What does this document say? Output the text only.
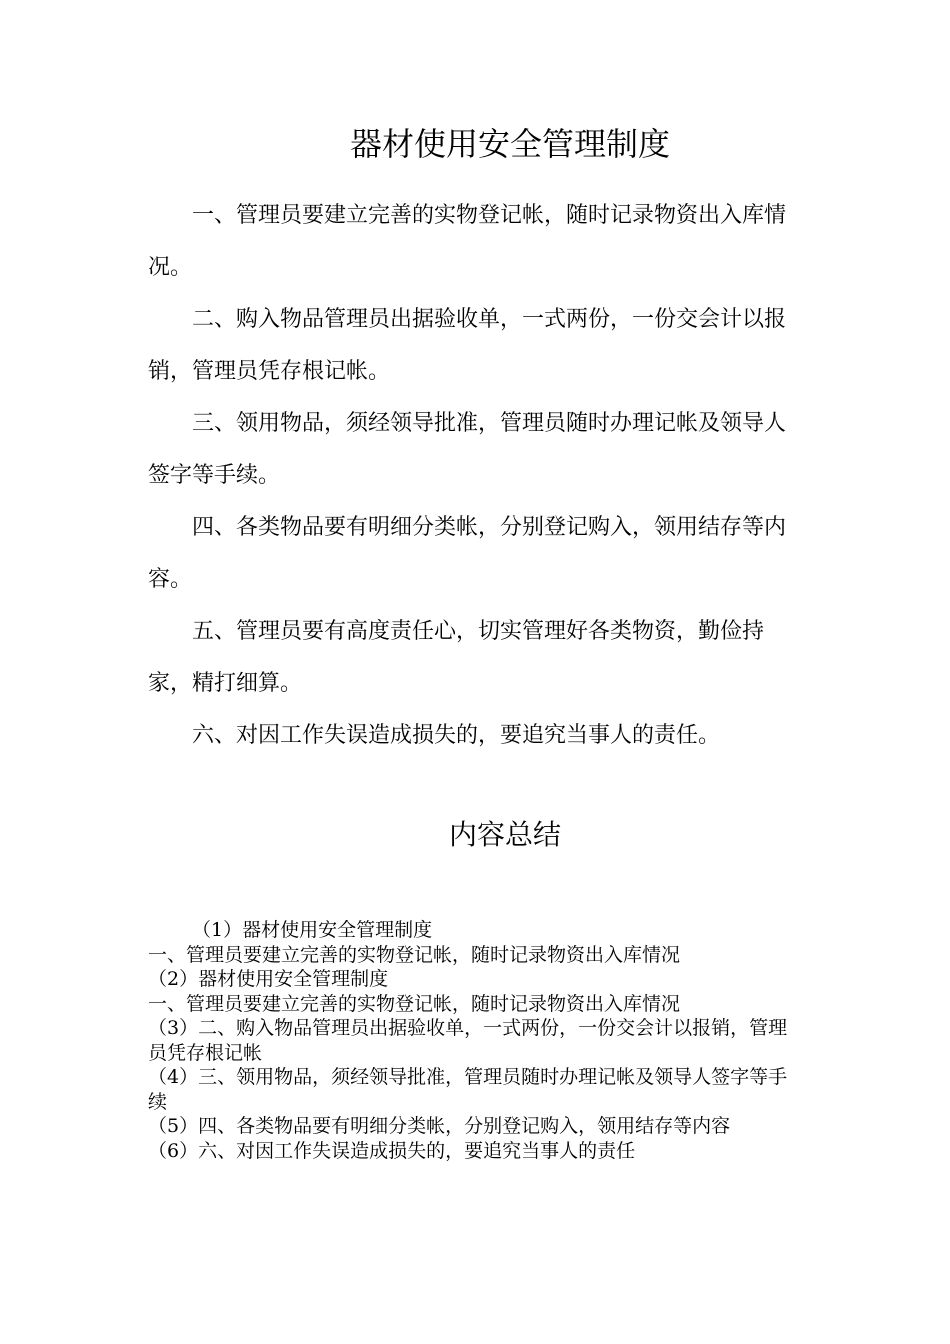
器材使用安全管理制度

一、管理员要建立完善的实物登记帐，随时记录物资出入库情况。

二、购入物品管理员出据验收单，一式两份，一份交会计以报销，管理员凭存根记帐。

三、领用物品，须经领导批准，管理员随时办理记帐及领导人签字等手续。

四、各类物品要有明细分类帐，分别登记购入，领用结存等内容。

五、管理员要有高度责任心，切实管理好各类物资，勤俭持家，精打细算。

六、对因工作失误造成损失的，要追究当事人的责任。

内容总结

（1）器材使用安全管理制度

一、管理员要建立完善的实物登记帐，随时记录物资出入库情况

（2）器材使用安全管理制度

一、管理员要建立完善的实物登记帐，随时记录物资出入库情况

（3）二、购入物品管理员出据验收单，一式两份，一份交会计以报销，管理员凭存根记帐

（4）三、领用物品，须经领导批准，管理员随时办理记帐及领导人签字等手续

（5）四、各类物品要有明细分类帐，分别登记购入，领用结存等内容

（6）六、对因工作失误造成损失的，要追究当事人的责任
